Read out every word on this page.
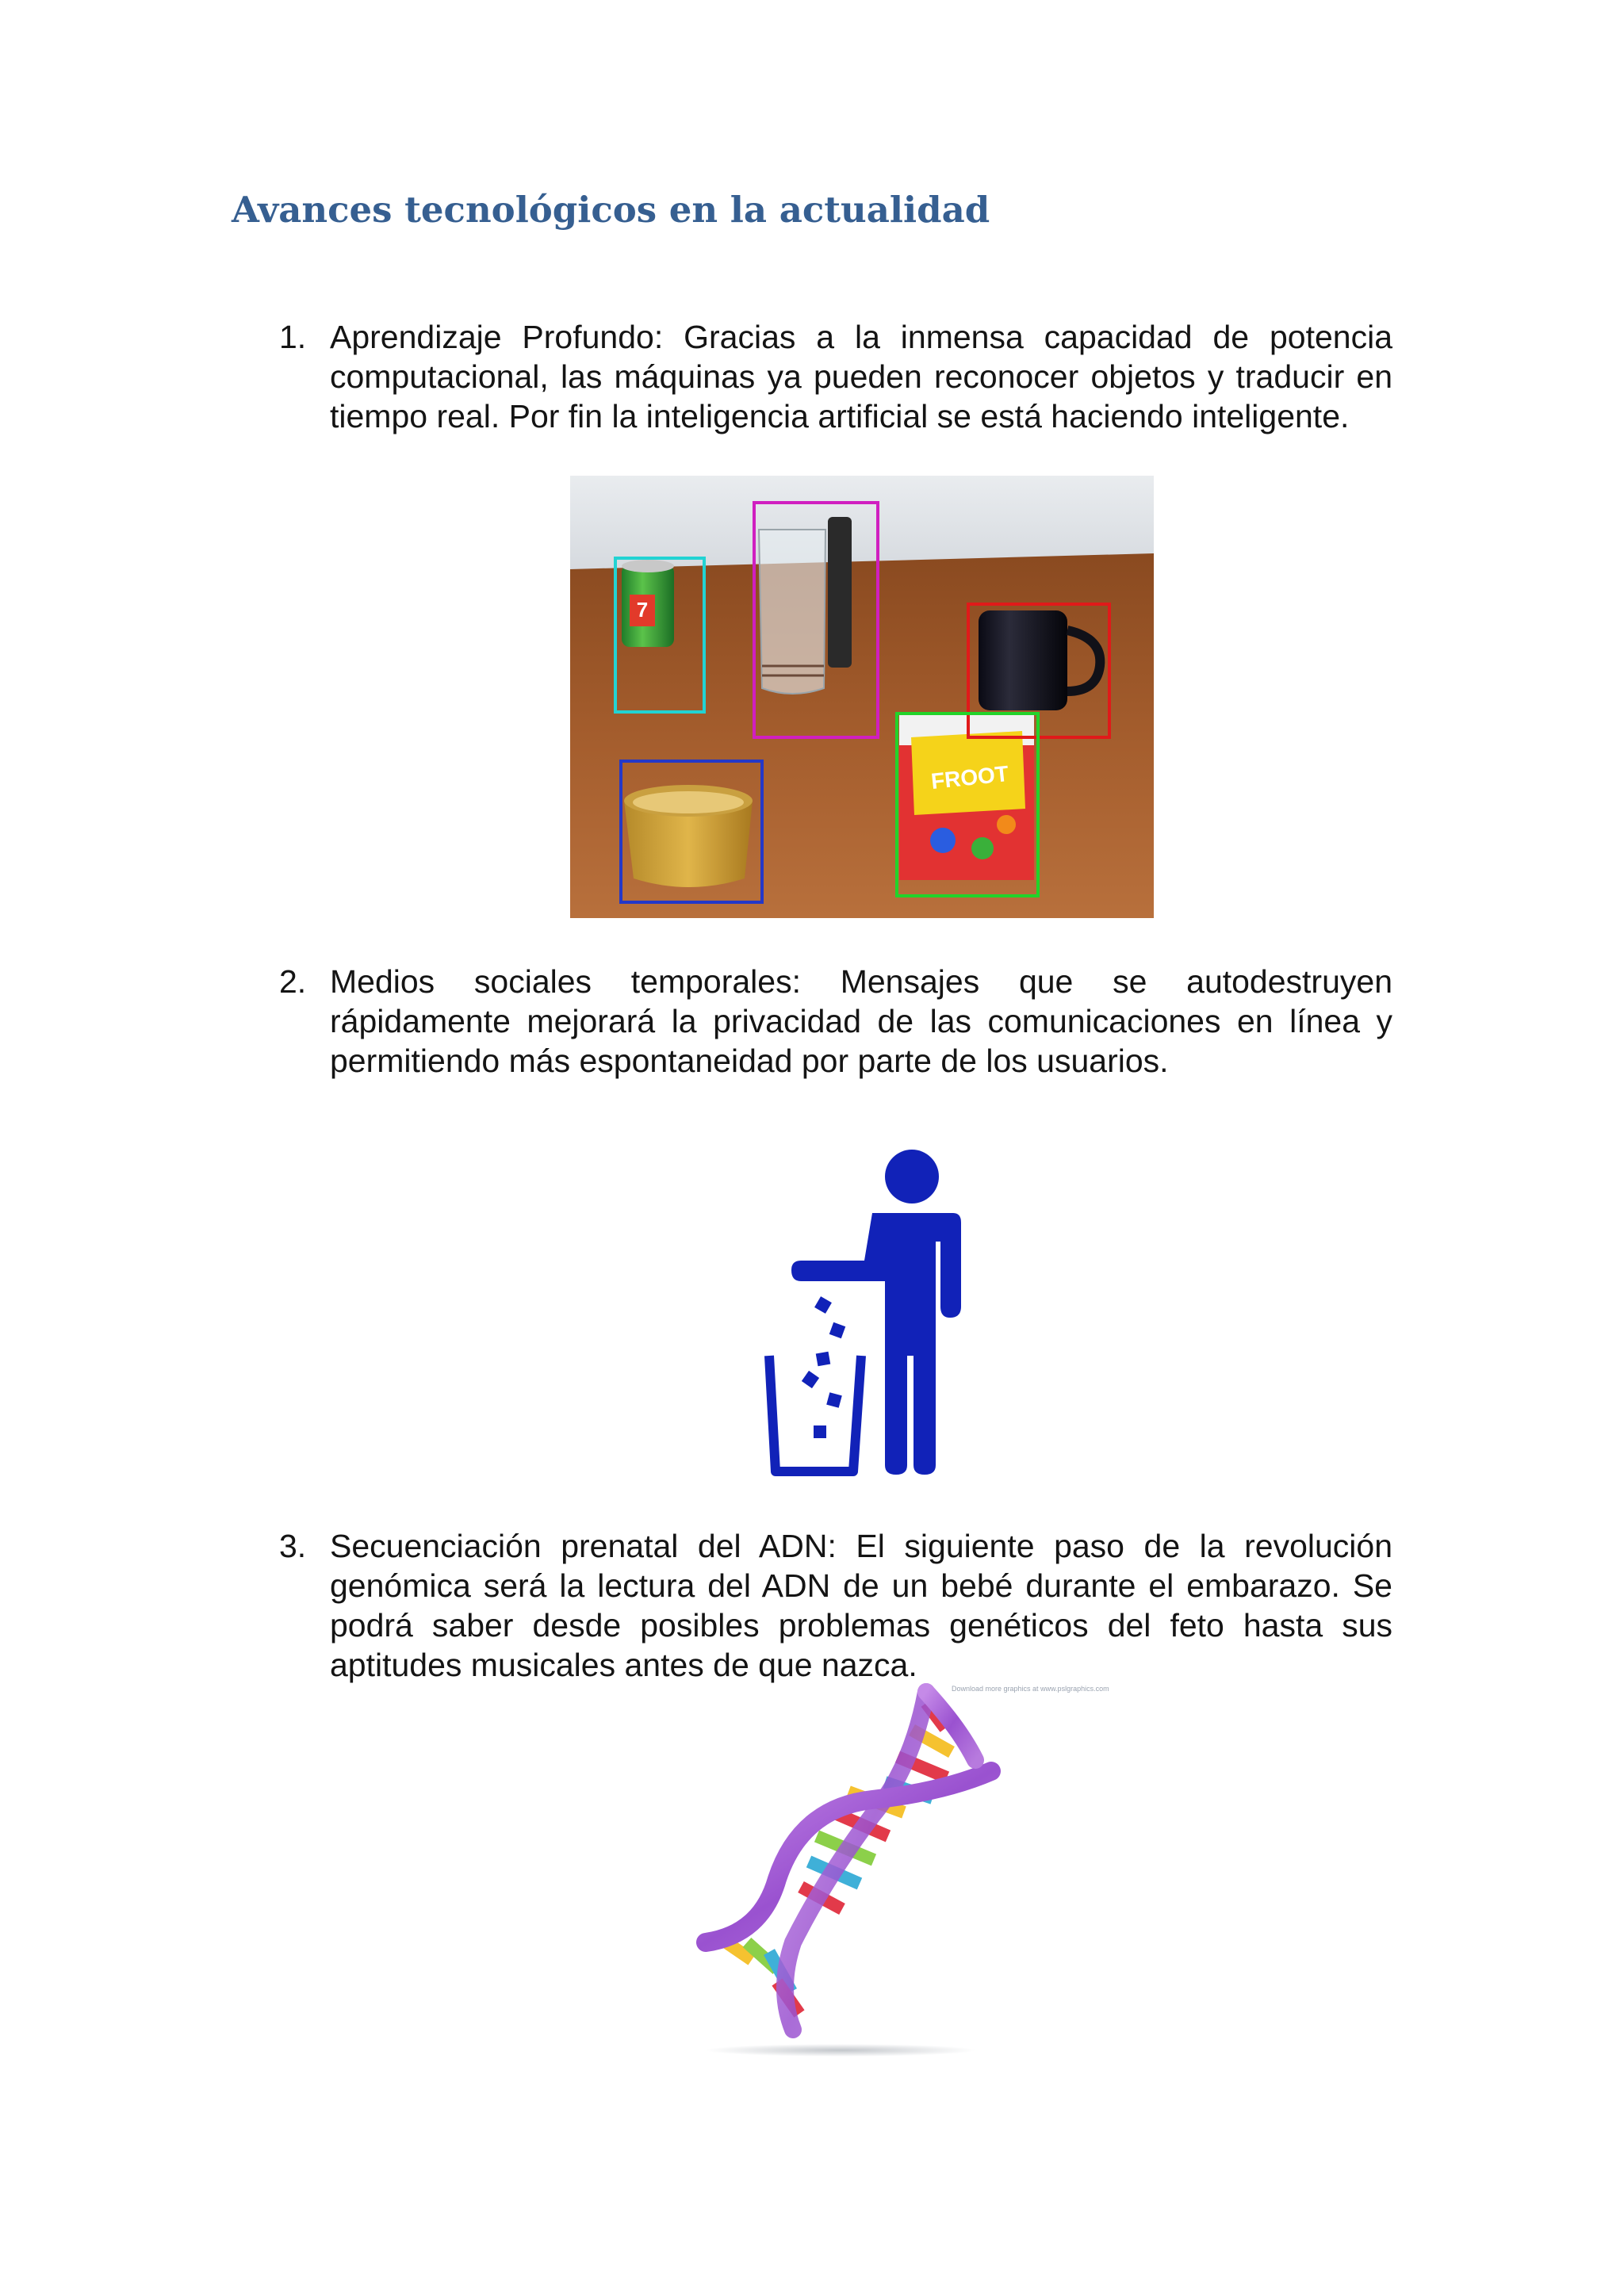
Avances tecnológicos en la actualidad
1. Aprendizaje Profundo: Gracias a la inmensa capacidad de potencia computacional, las máquinas ya pueden reconocer objetos y traducir en tiempo real. Por fin la inteligencia artificial se está haciendo inteligente.
7
FROOT
2. Medios sociales temporales: Mensajes que se autodestruyen rápidamente mejorará la privacidad de las comunicaciones en línea y permitiendo más espontaneidad por parte de los usuarios.
3. Secuenciación prenatal del ADN: El siguiente paso de la revolución genómica será la lectura del ADN de un bebé durante el embarazo. Se podrá saber desde posibles problemas genéticos del feto hasta sus aptitudes musicales antes de que nazca.
Download more graphics at www.pslgraphics.com
